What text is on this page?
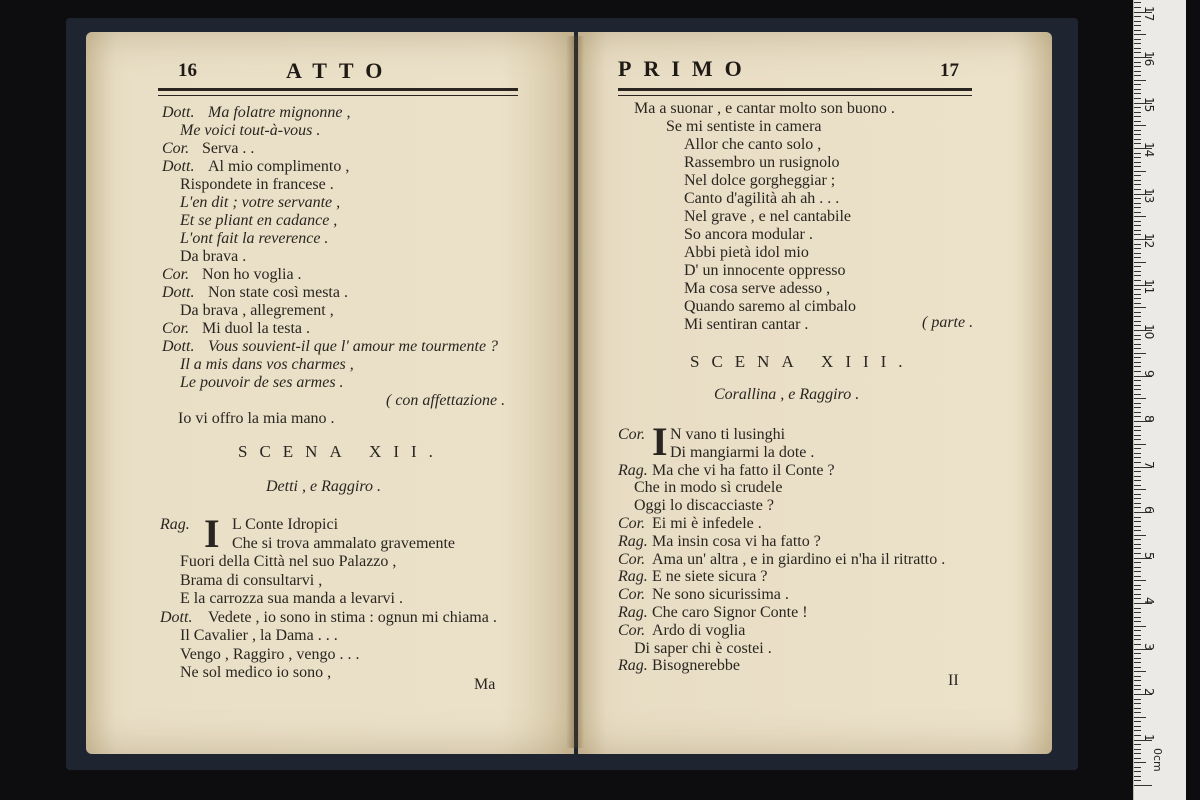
16	ATTO
Dott. Ma folatre mignonne ,
Me voici tout-à-vous .
Cor. Serva . .
Dott. Al mio complimento ,
Rispondete in francese .
L'en dit ; votre servante ,
Et se pliant en cadance ,
L'ont fait la reverence .
Da brava .
Cor. Non ho voglia .
Dott. Non state così mesta .
Da brava , allegrement ,
Cor. Mi duol la testa .
Dott. Vous souvient-il que l' amour me tourmente ?
Il a mis dans vos charmes ,
Le pouvoir de ses armes .
( con affettazione .
Io vi offro la mia mano .
SCENA XII.
Detti , e Raggiro .
I
Rag.	L Conte Idropici
Che si trova ammalato gravemente
Fuori della Città nel suo Palazzo ,
Brama di consultarvi ,
E la carrozza sua manda a levarvi .
Dott. Vedete , io sono in stima : ognun mi chiama .
Il Cavalier , la Dama . . .
Vengo , Raggiro , vengo . . .
Ne sol medico io sono ,
Ma
PRIMO	17
Ma a suonar , e cantar molto son buono .
Se mi sentiste in camera
Allor che canto solo ,
Rassembro un rusignolo
Nel dolce gorgheggiar ;
Canto d'agilità ah ah . . .
Nel grave , e nel cantabile
So ancora modular .
Abbi pietà idol mio
D' un innocente oppresso
Ma cosa serve adesso ,
Quando saremo al cimbalo
Mi sentiran cantar .	( parte .
SCENA XIII.
Corallina , e Raggiro .
I
Cor. N vano ti lusinghi
Di mangiarmi la dote .
Rag. Ma che vi ha fatto il Conte ?
Che in modo sì crudele
Oggi lo discacciaste ?
Cor. Ei mi è infedele .
Rag. Ma insin cosa vi ha fatto ?
Cor. Ama un' altra , e in giardino ei n'ha il ritratto .
Rag. E ne siete sicura ?
Cor. Ne sono sicurissima .
Rag. Che caro Signor Conte !
Cor. Ardo di voglia
Di saper chi è costei .
Rag. Bisognerebbe
II
0cm
1
2
3
4
5
6
7
8
9
10
11
12
13
14
15
16
17
